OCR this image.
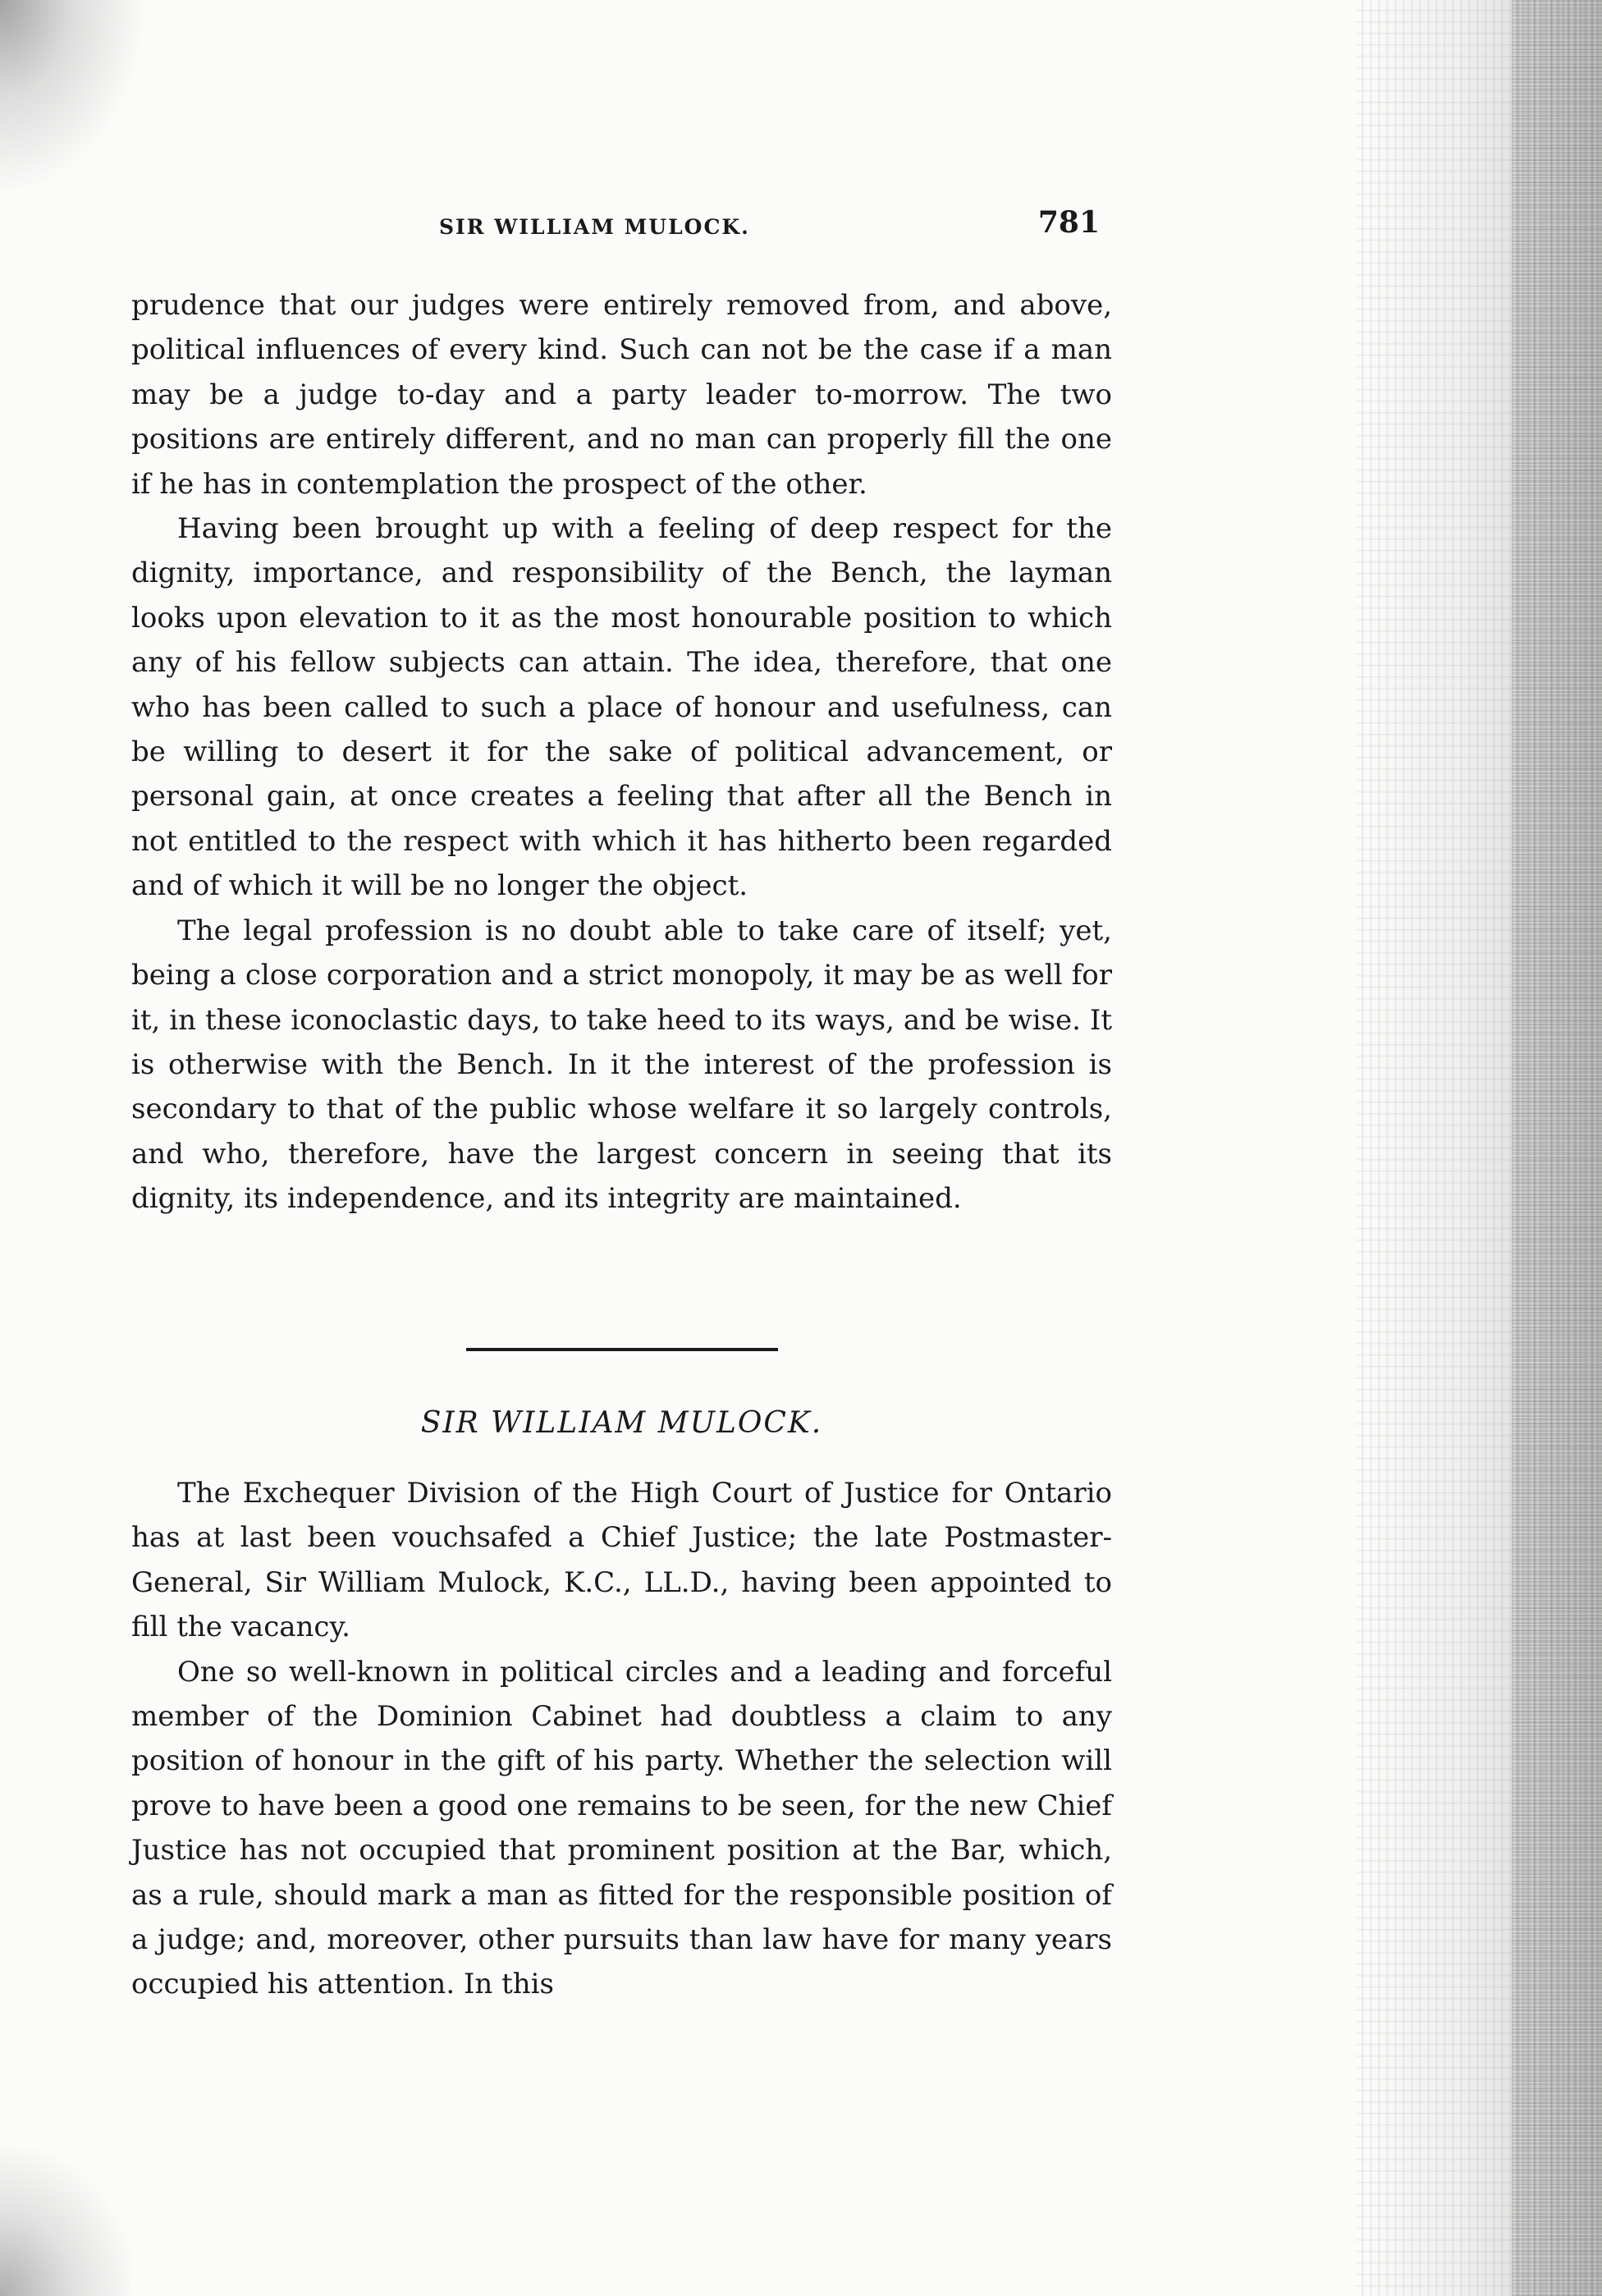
SIR WILLIAM MULOCK.	781

prudence that our judges were entirely removed from, and above, political influences of every kind. Such can not be the case if a man may be a judge to-day and a party leader to-morrow. The two positions are entirely different, and no man can properly fill the one if he has in contemplation the prospect of the other.

Having been brought up with a feeling of deep respect for the dignity, importance, and responsibility of the Bench, the layman looks upon elevation to it as the most honourable position to which any of his fellow subjects can attain. The idea, therefore, that one who has been called to such a place of honour and usefulness, can be willing to desert it for the sake of political advancement, or personal gain, at once creates a feeling that after all the Bench in not entitled to the respect with which it has hitherto been regarded and of which it will be no longer the object.

The legal profession is no doubt able to take care of itself; yet, being a close corporation and a strict monopoly, it may be as well for it, in these iconoclastic days, to take heed to its ways, and be wise. It is otherwise with the Bench. In it the interest of the profession is secondary to that of the public whose welfare it so largely controls, and who, therefore, have the largest concern in seeing that its dignity, its independence, and its integrity are maintained.

SIR WILLIAM MULOCK.

The Exchequer Division of the High Court of Justice for Ontario has at last been vouchsafed a Chief Justice; the late Postmaster-General, Sir William Mulock, K.C., LL.D., having been appointed to fill the vacancy.

One so well-known in political circles and a leading and forceful member of the Dominion Cabinet had doubtless a claim to any position of honour in the gift of his party. Whether the selection will prove to have been a good one remains to be seen, for the new Chief Justice has not occupied that prominent position at the Bar, which, as a rule, should mark a man as fitted for the responsible position of a judge; and, moreover, other pursuits than law have for many years occupied his attention. In this
